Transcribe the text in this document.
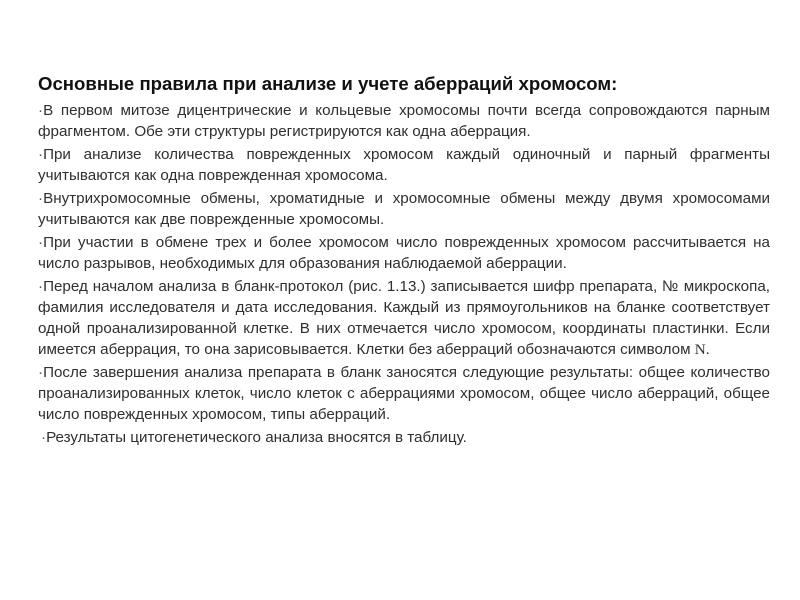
Основные правила при анализе и учете аберраций хромосом:

·В первом митозе дицентрические и кольцевые хромосомы почти всегда сопровождаются парным фрагментом. Обе эти структуры регистрируются как одна аберрация.

·При анализе количества поврежденных хромосом каждый одиночный и парный фрагменты учитываются как одна поврежденная хромосома.

·Внутрихромосомные обмены, хроматидные и хромосомные обмены между двумя хромосомами учитываются как две поврежденные хромосомы.

·При участии в обмене трех и более хромосом число поврежденных хромосом рассчитывается на число разрывов, необходимых для образования наблюдаемой аберрации.

·Перед началом анализа в бланк-протокол (рис. 1.13.) записывается шифр препарата, № микроскопа, фамилия исследователя и дата исследования. Каждый из прямоугольников на бланке соответствует одной проанализированной клетке. В них отмечается число хромосом, координаты пластинки. Если имеется аберрация, то она зарисовывается. Клетки без аберраций обозначаются символом N.

·После завершения анализа препарата в бланк заносятся следующие результаты: общее количество проанализированных клеток, число клеток с аберрациями хромосом, общее число аберраций, общее число поврежденных хромосом, типы аберраций.

·Результаты цитогенетического анализа вносятся в таблицу.
